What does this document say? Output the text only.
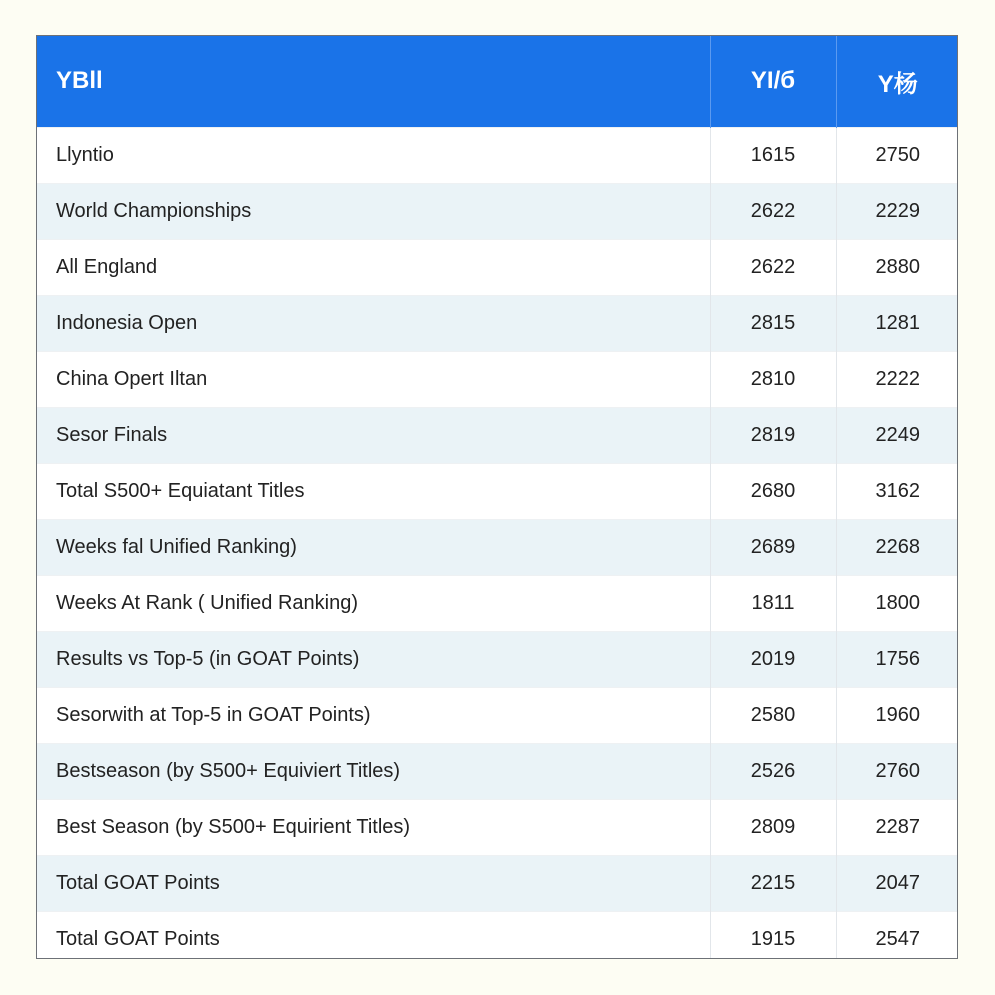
YBll	YI/б	Y杨
Llyntio	1615	2750
World Championships	2622	2229
All England	2622	2880
Indonesia Open	2815	1281
China Opert Iltan	2810	2222
Sesor Finals	2819	2249
Total S500+ Equiatant Titles	2680	3162
Weeks fal Unified Ranking)	2689	2268
Weeks At Rank ( Unified Ranking)	1811	1800
Results vs Top-5 (in GOAT Points)	2019	1756
Sesorwith at Top-5 in GOAT Points)	2580	1960
Bestseason (by S500+ Equiviert Titles)	2526	2760
Best Season (by S500+ Equirient Titles)	2809	2287
Total GOAT Points	2215	2047
Total GOAT Points	1915	2547
